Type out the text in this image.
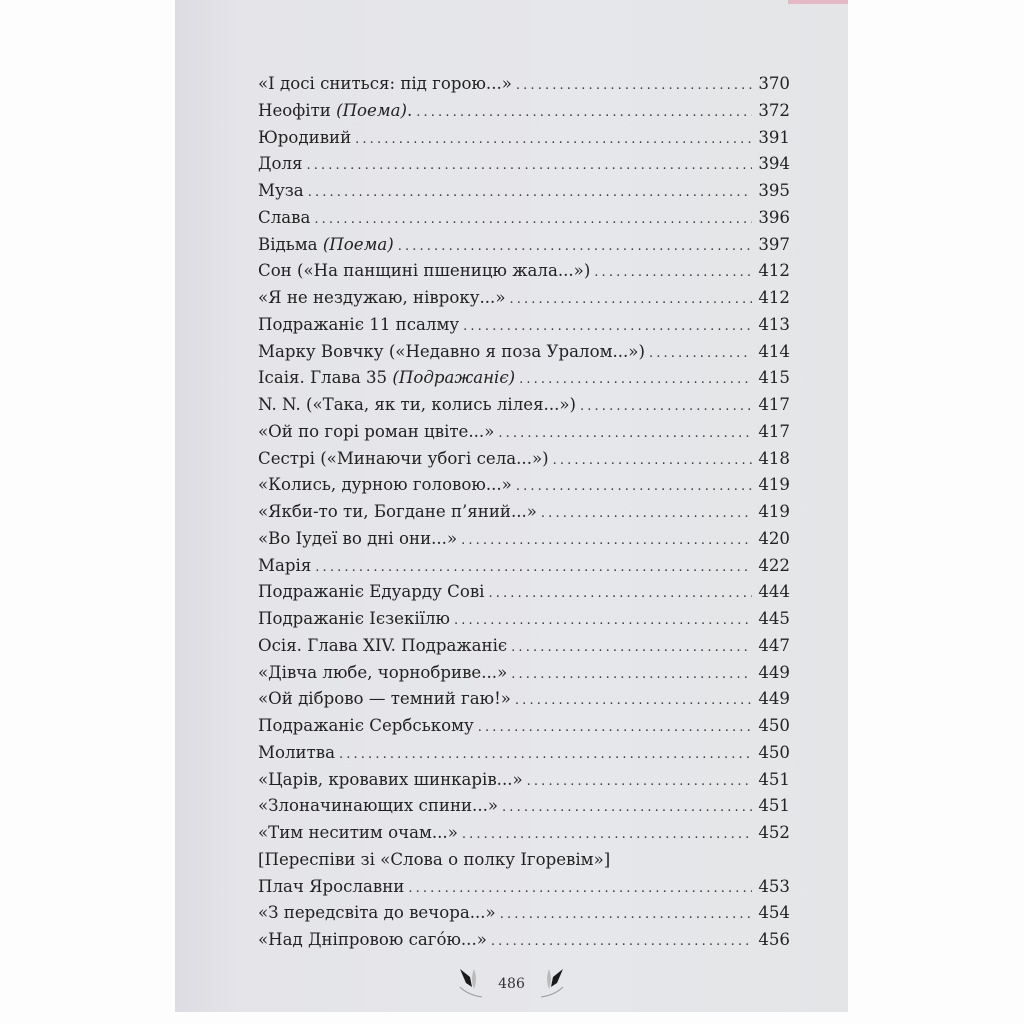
«І досі сниться: під горою...» . . .	370
Неофіти (Поема). . . .	372
Юродивий . . .	391
Доля . . .	394
Муза . . .	395
Слава . . .	396
Відьма (Поема) . . .	397
Сон («На панщині пшеницю жала...») . . .	412
«Я не нездужаю, нівроку...» . . .	412
Подражаніє 11 псалму . . .	413
Марку Вовчку («Недавно я поза Уралом...») . . .	414
Ісаія. Глава 35 (Подражаніє) . . .	415
N. N. («Така, як ти, колись лілея...») . . .	417
«Ой по горі роман цвіте...» . . .	417
Сестрі («Минаючи убогі села...») . . .	418
«Колись, дурною головою...» . . .	419
«Якби-то ти, Богдане п’яний...» . . .	419
«Во Іудеї во дні они...» . . .	420
Марія . . .	422
Подражаніє Едуарду Сові . . .	444
Подражаніє Ієзекіїлю . . .	445
Осія. Глава XIV. Подражаніє . . .	447
«Дівча любе, чорнобриве...» . . .	449
«Ой діброво — темний гаю!» . . .	449
Подражаніє Сербському . . .	450
Молитва . . .	450
«Царів, кровавих шинкарів...» . . .	451
«Злоначинающих спини...» . . .	451
«Тим неситим очам...» . . .	452
[Переспіви зі «Слова о полку Ігоревім»]
Плач Ярославни . . .	453
«З передсвіта до вечора...» . . .	454
«Над Дніпровою сагóю...» . . .	456
486
